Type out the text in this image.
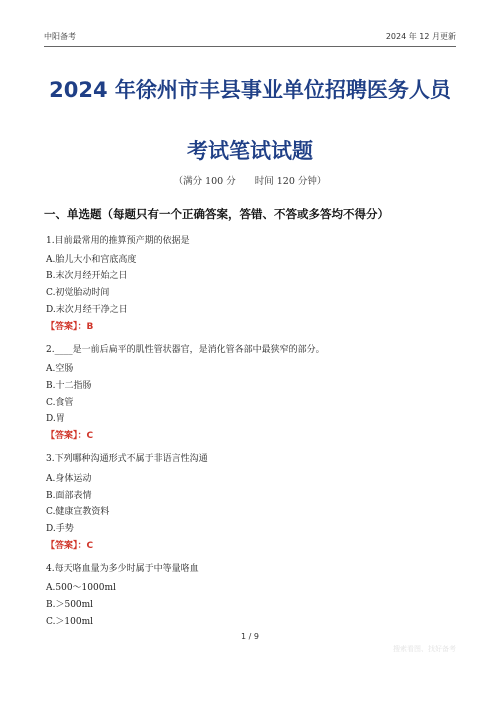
中阳备考	2024 年 12 月更新
2024 年徐州市丰县事业单位招聘医务人员
考试笔试试题
（满分 100 分　　时间 120 分钟）
一、单选题（每题只有一个正确答案，答错、不答或多答均不得分）
1.目前最常用的推算预产期的依据是
A.胎儿大小和宫底高度
B.末次月经开始之日
C.初觉胎动时间
D.末次月经干净之日
【答案】：B
2.____是一前后扁平的肌性管状器官，是消化管各部中最狭窄的部分。
A.空肠
B.十二指肠
C.食管
D.胃
【答案】：C
3.下列哪种沟通形式不属于非语言性沟通
A.身体运动
B.面部表情
C.健康宣教资料
D.手势
【答案】：C
4.每天咯血量为多少时属于中等量咯血
A.500～1000ml
B.＞500ml
C.＞100ml
1 / 9
搜索看图、找好备考
